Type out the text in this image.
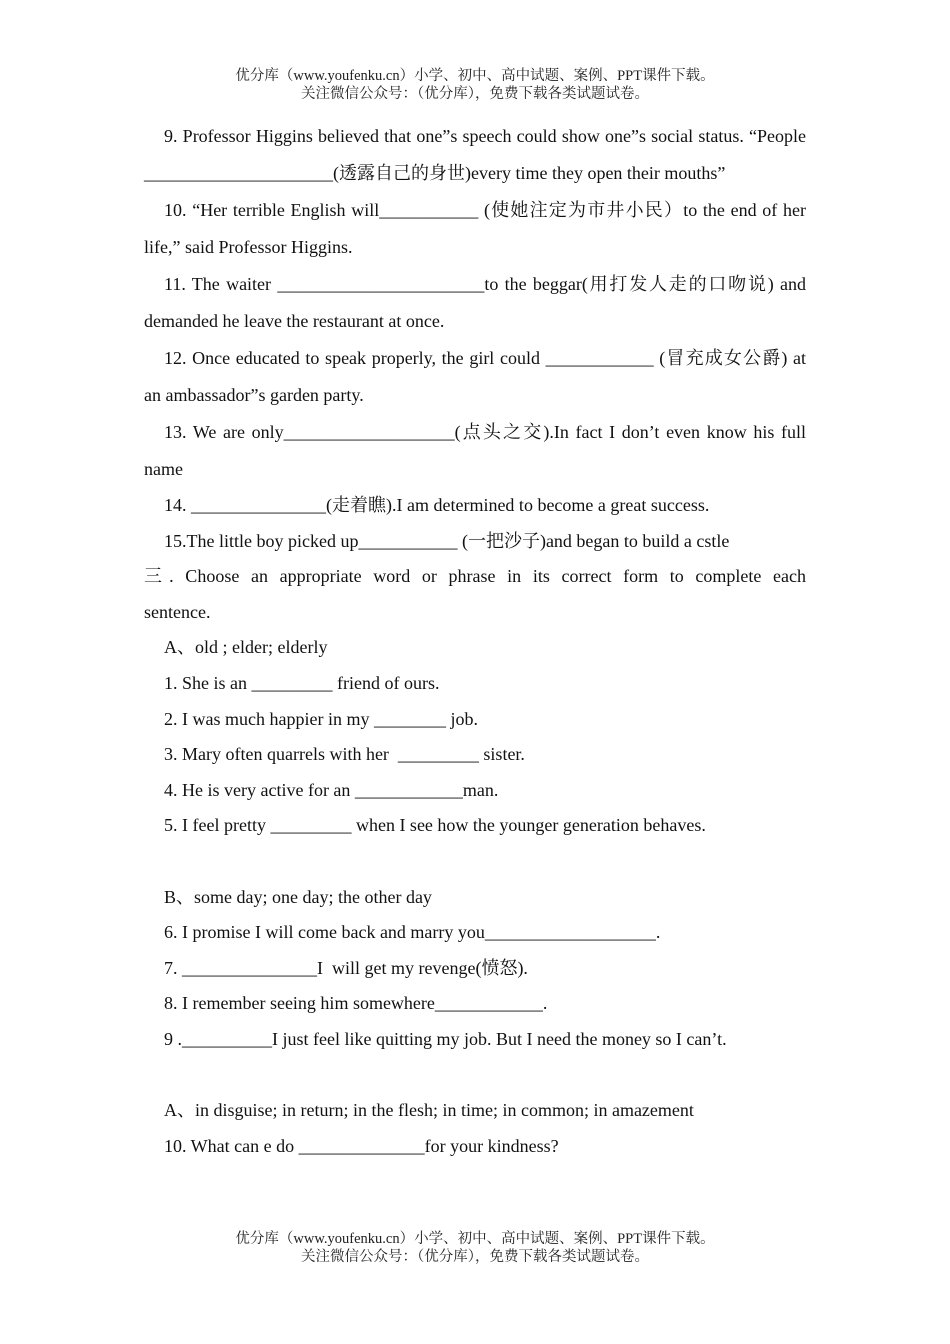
优分库（www.youfenku.cn）小学、初中、高中试题、案例、PPT课件下载。
关注微信公众号：（优分库），免费下载各类试题试卷。
9. Professor Higgins believed that one”s speech could show one”s social status. “People _____________________(透露自己的身世)every time they open their mouths”
10. “Her terrible English will___________ (使她注定为市井小民）to the end of her life,” said Professor Higgins.
11. The waiter _______________________to the beggar(用打发人走的口吻说) and demanded he leave the restaurant at once.
12. Once educated to speak properly, the girl could ____________ (冒充成女公爵) at an ambassador”s garden party.
13. We are only___________________(点头之交).In fact I don’t even know his full name
14. _______________(走着瞧).I am determined to become a great success.
15.The little boy picked up___________ (一把沙子)and began to build a cstle
三. Choose an appropriate word or phrase in its correct form to complete each
sentence.
A、old ; elder; elderly
1. She is an _________ friend of ours.
2. I was much happier in my ________ job.
3. Mary often quarrels with her  _________ sister.
4. He is very active for an ____________man.
5. I feel pretty _________ when I see how the younger generation behaves.
B、some day; one day; the other day
6. I promise I will come back and marry you___________________.
7. _______________I  will get my revenge(愤怒).
8. I remember seeing him somewhere____________.
9 .__________I just feel like quitting my job. But I need the money so I can’t.
A、in disguise; in return; in the flesh; in time; in common; in amazement
10. What can e do ______________for your kindness?
优分库（www.youfenku.cn）小学、初中、高中试题、案例、PPT课件下载。
关注微信公众号：（优分库），免费下载各类试题试卷。
